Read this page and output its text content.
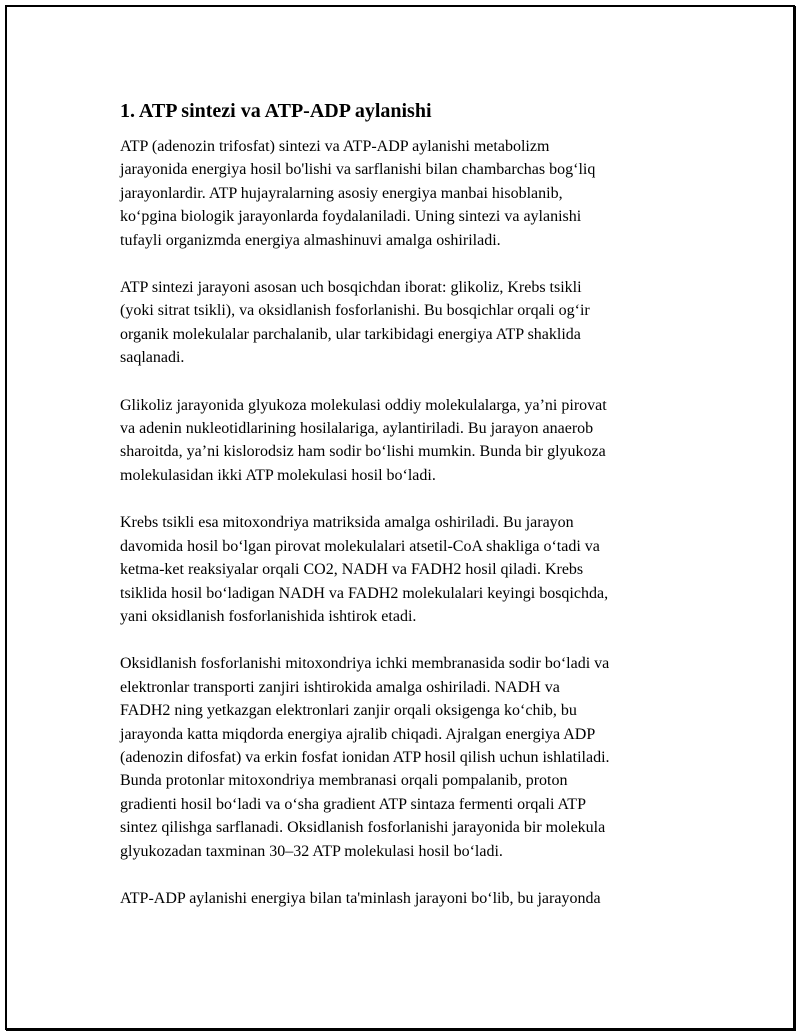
1. ATP sintezi va ATP-ADP aylanishi

ATP (adenozin trifosfat) sintezi va ATP-ADP aylanishi metabolizm
jarayonida energiya hosil bo'lishi va sarflanishi bilan chambarchas bog‘liq
jarayonlardir. ATP hujayralarning asosiy energiya manbai hisoblanib,
ko‘pgina biologik jarayonlarda foydalaniladi. Uning sintezi va aylanishi
tufayli organizmda energiya almashinuvi amalga oshiriladi.

ATP sintezi jarayoni asosan uch bosqichdan iborat: glikoliz, Krebs tsikli
(yoki sitrat tsikli), va oksidlanish fosforlanishi. Bu bosqichlar orqali og‘ir
organik molekulalar parchalanib, ular tarkibidagi energiya ATP shaklida
saqlanadi.

Glikoliz jarayonida glyukoza molekulasi oddiy molekulalarga, ya’ni pirovat
va adenin nukleotidlarining hosilalariga, aylantiriladi. Bu jarayon anaerob
sharoitda, ya’ni kislorodsiz ham sodir bo‘lishi mumkin. Bunda bir glyukoza
molekulasidan ikki ATP molekulasi hosil bo‘ladi.

Krebs tsikli esa mitoxondriya matriksida amalga oshiriladi. Bu jarayon
davomida hosil bo‘lgan pirovat molekulalari atsetil-CoA shakliga o‘tadi va
ketma-ket reaksiyalar orqali CO2, NADH va FADH2 hosil qiladi. Krebs
tsiklida hosil bo‘ladigan NADH va FADH2 molekulalari keyingi bosqichda,
yani oksidlanish fosforlanishida ishtirok etadi.

Oksidlanish fosforlanishi mitoxondriya ichki membranasida sodir bo‘ladi va
elektronlar transporti zanjiri ishtirokida amalga oshiriladi. NADH va
FADH2 ning yetkazgan elektronlari zanjir orqali oksigenga ko‘chib, bu
jarayonda katta miqdorda energiya ajralib chiqadi. Ajralgan energiya ADP
(adenozin difosfat) va erkin fosfat ionidan ATP hosil qilish uchun ishlatiladi.
Bunda protonlar mitoxondriya membranasi orqali pompalanib, proton
gradienti hosil bo‘ladi va o‘sha gradient ATP sintaza fermenti orqali ATP
sintez qilishga sarflanadi. Oksidlanish fosforlanishi jarayonida bir molekula
glyukozadan taxminan 30–32 ATP molekulasi hosil bo‘ladi.

ATP-ADP aylanishi energiya bilan ta'minlash jarayoni bo‘lib, bu jarayonda
